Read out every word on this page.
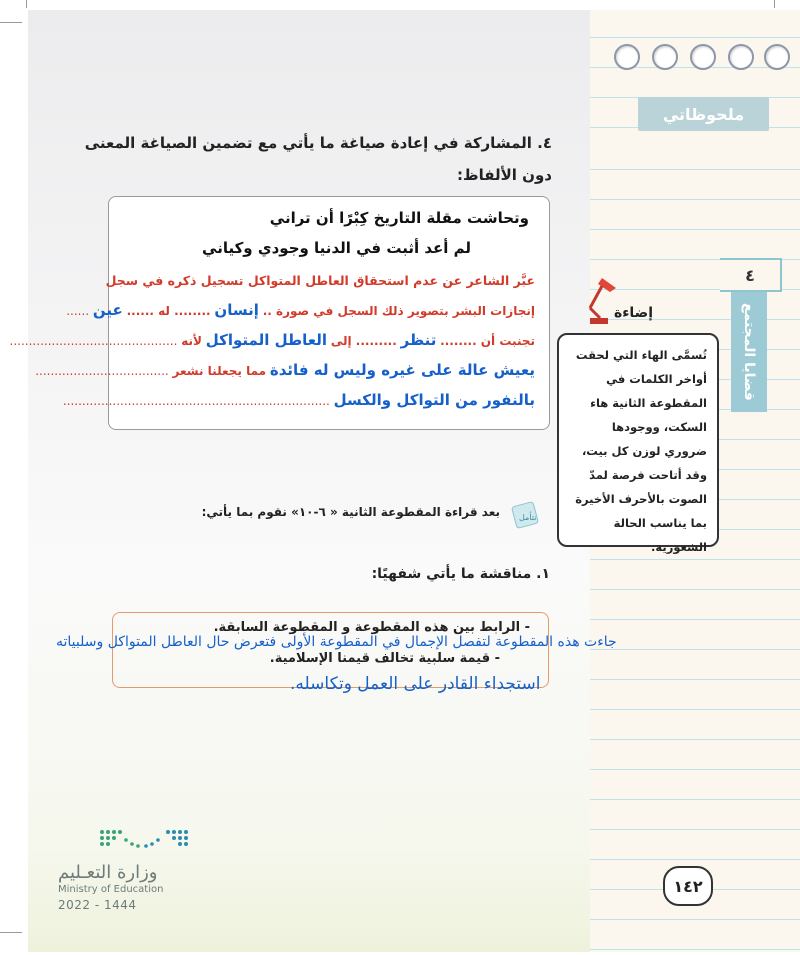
ملحوظاتي
٤
قضايا المجتمع
٤. المشاركة في إعادة صياغة ما يأتي مع تضمين الصياغة المعنى دون الألفاظ:
وتحاشت مقلة التاريخ كِبْرًا أن تراني
لم أعد أثبت في الدنيا وجودي وكياني
عبَّر الشاعر عن عدم استحقاق العاطل المتواكل تسجيل ذكره في سجل
إنجازات البشر بتصوير ذلك السجل في صورة .. إنسان ........ له ...... عين ......
تجنبت أن ........ تنظر ......... إلى العاطل المتواكل لأنه ............................................
يعيش عالة على غيره وليس له فائدة مما يجعلنا نشعر ...................................
بالنفور من التواكل والكسل ......................................................................
إضاءة
تُسمَّى الهاء التي لحقت أواخر الكلمات في المقطوعة الثانية هاء السكت، ووجودها ضروري لوزن كل بيت، وقد أتاحت فرصة لمدّ الصوت بالأحرف الأخيرة بما يناسب الحالة الشعورية.
نتأمل
بعد قراءة المقطوعة الثانية « ٦-١٠» نقوم بما يأتي:
١. مناقشة ما يأتي شفهيًا:
- الرابط بين هذه المقطوعة و المقطوعة السابقة.
جاءت هذه المقطوعة لتفصل الإجمال في المقطوعة الأولى فتعرض حال العاطل المتواكل وسلبياته
- قيمة سلبية تخالف قيمنا الإسلامية.
استجداء القادر على العمل وتكاسله.
وزارة التعـليم
Ministry of Education
2022 - 1444
١٤٢
